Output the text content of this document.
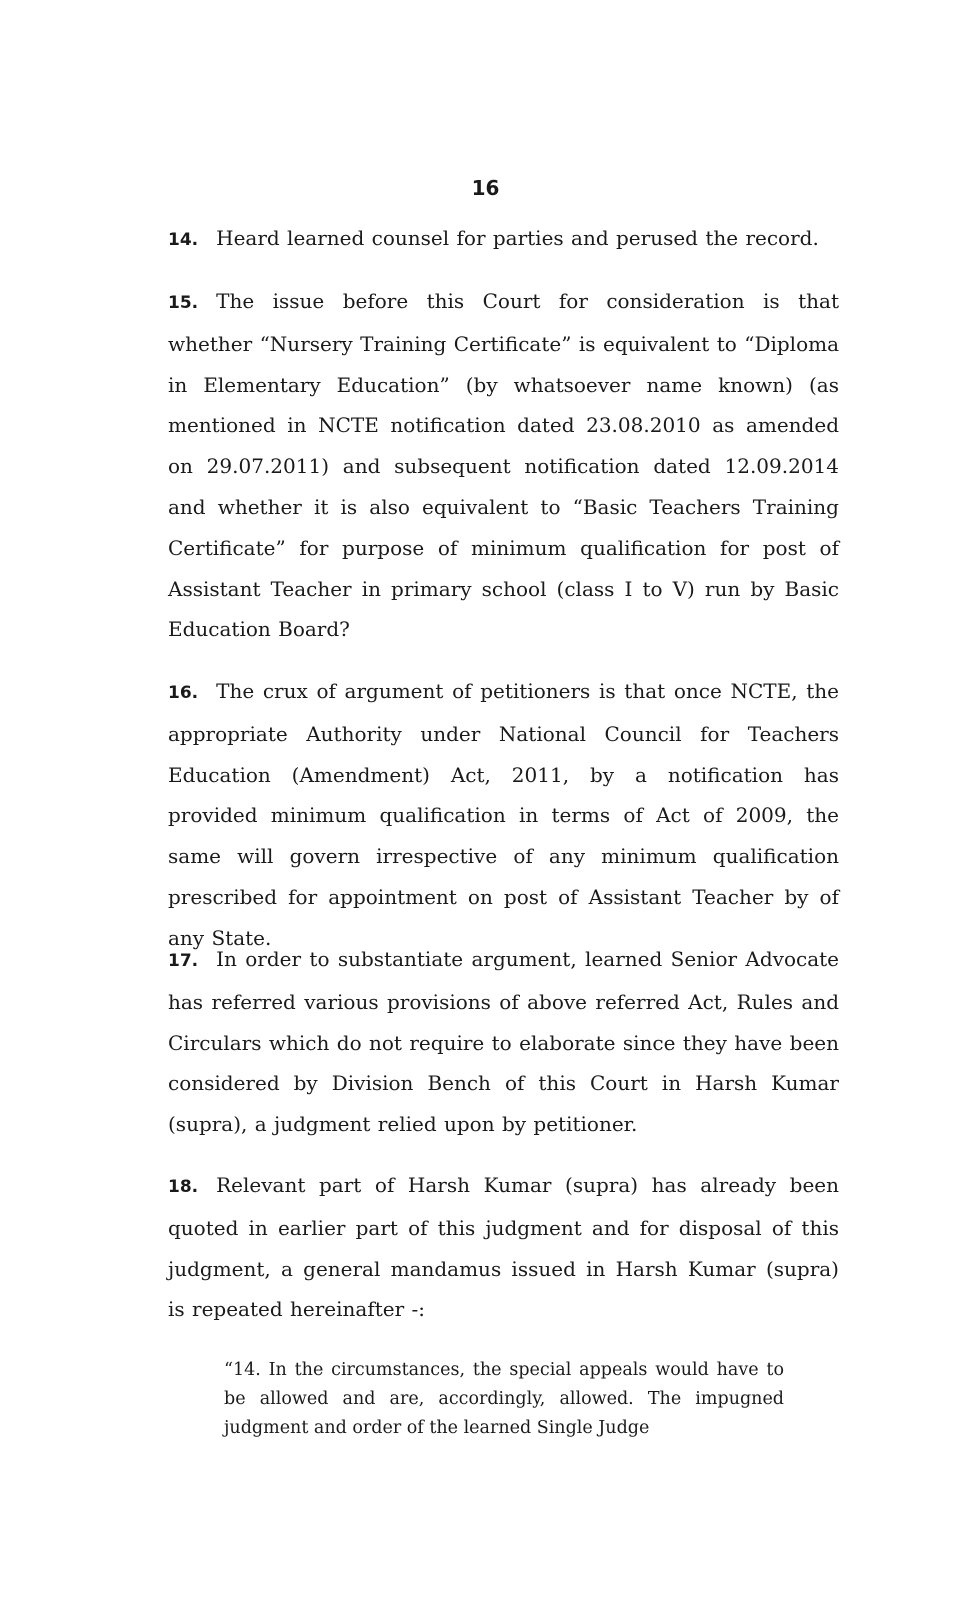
16

14. Heard learned counsel for parties and perused the record.

15. The issue before this Court for consideration is that whether “Nursery Training Certificate” is equivalent to “Diploma in Elementary Education” (by whatsoever name known) (as mentioned in NCTE notification dated 23.08.2010 as amended on 29.07.2011) and subsequent notification dated 12.09.2014 and whether it is also equivalent to “Basic Teachers Training Certificate” for purpose of minimum qualification for post of Assistant Teacher in primary school (class I to V) run by Basic Education Board?

16. The crux of argument of petitioners is that once NCTE, the appropriate Authority under National Council for Teachers Education (Amendment) Act, 2011, by a notification has provided minimum qualification in terms of Act of 2009, the same will govern irrespective of any minimum qualification prescribed for appointment on post of Assistant Teacher by of any State.

17. In order to substantiate argument, learned Senior Advocate has referred various provisions of above referred Act, Rules and Circulars which do not require to elaborate since they have been considered by Division Bench of this Court in Harsh Kumar (supra), a judgment relied upon by petitioner.

18. Relevant part of Harsh Kumar (supra) has already been quoted in earlier part of this judgment and for disposal of this judgment, a general mandamus issued in Harsh Kumar (supra) is repeated hereinafter -:

“14. In the circumstances, the special appeals would have to be allowed and are, accordingly, allowed. The impugned judgment and order of the learned Single Judge
